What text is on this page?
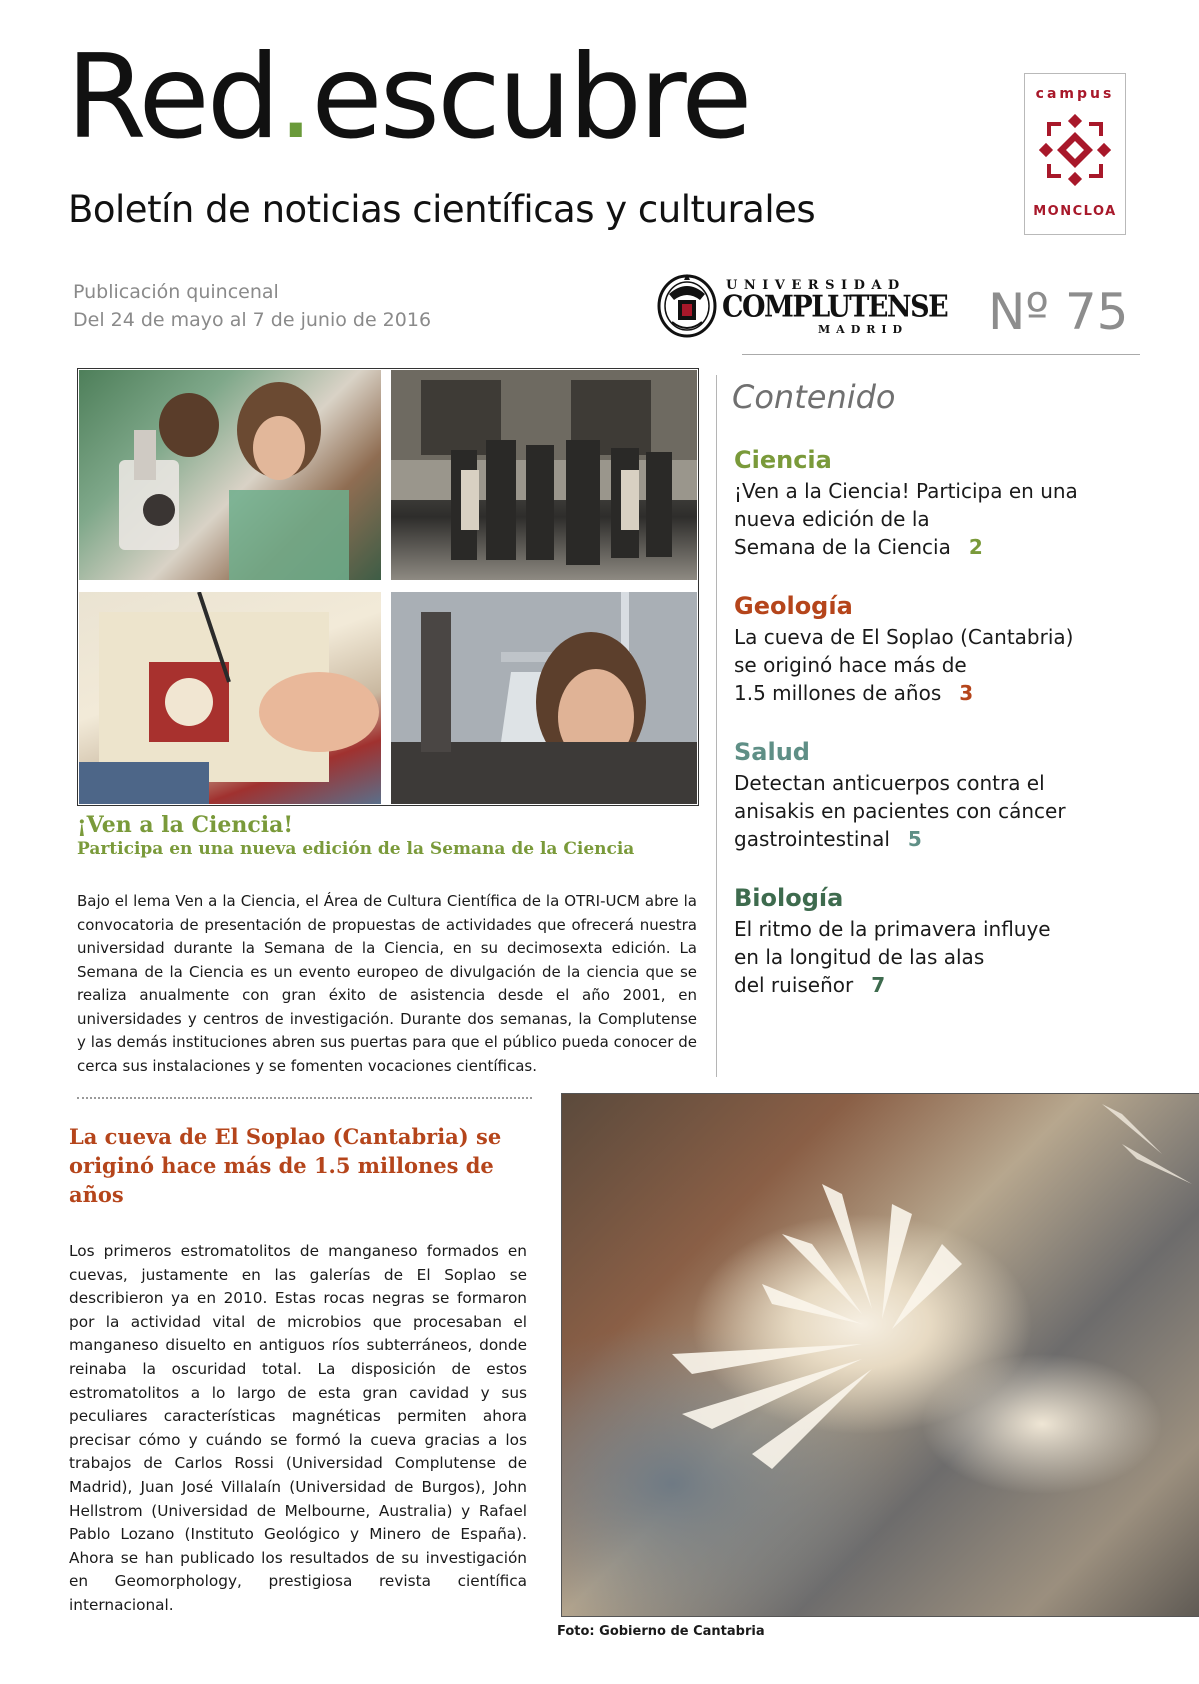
Red.escubre
Boletín de noticias científicas y culturales
Publicación quincenal
Del 24 de mayo al 7 de junio de 2016
UNIVERSIDAD
COMPLUTENSE
MADRID Nº 75
campus
MONCLOA
¡Ven a la Ciencia!
Participa en una nueva edición de la Semana de la Ciencia
Bajo el lema Ven a la Ciencia, el Área de Cultura Científica de la OTRI-UCM abre la convocatoria de presentación de propuestas de actividades que ofrecerá nuestra universidad durante la Semana de la Ciencia, en su decimosexta edición. La Semana de la Ciencia es un evento europeo de divulgación de la ciencia que se realiza anualmente con gran éxito de asistencia desde el año 2001, en universidades y centros de investigación. Durante dos semanas, la Complutense y las demás instituciones abren sus puertas para que el público pueda conocer de cerca sus instalaciones y se fomenten vocaciones científicas.
Contenido
Ciencia
¡Ven a la Ciencia! Participa en una
nueva edición de la
Semana de la Ciencia 2
Geología
La cueva de El Soplao (Cantabria)
se originó hace más de
1.5 millones de años 3
Salud
Detectan anticuerpos contra el
anisakis en pacientes con cáncer
gastrointestinal 5
Biología
El ritmo de la primavera influye
en la longitud de las alas
del ruiseñor 7
La cueva de El Soplao (Cantabria) se originó hace más de 1.5 millones de años
Los primeros estromatolitos de manganeso formados en cuevas, justamente en las galerías de El Soplao se describieron ya en 2010. Estas rocas negras se formaron por la actividad vital de microbios que procesaban el manganeso disuelto en antiguos ríos subterráneos, donde reinaba la oscuridad total. La disposición de estos estromatolitos a lo largo de esta gran cavidad y sus peculiares características magnéticas permiten ahora precisar cómo y cuándo se formó la cueva gracias a los trabajos de Carlos Rossi (Universidad Complutense de Madrid), Juan José Villalaín (Universidad de Burgos), John Hellstrom (Universidad de Melbourne, Australia) y Rafael Pablo Lozano (Instituto Geológico y Minero de España). Ahora se han publicado los resultados de su investigación en Geomorphology, prestigiosa revista científica internacional.
Foto: Gobierno de Cantabria
